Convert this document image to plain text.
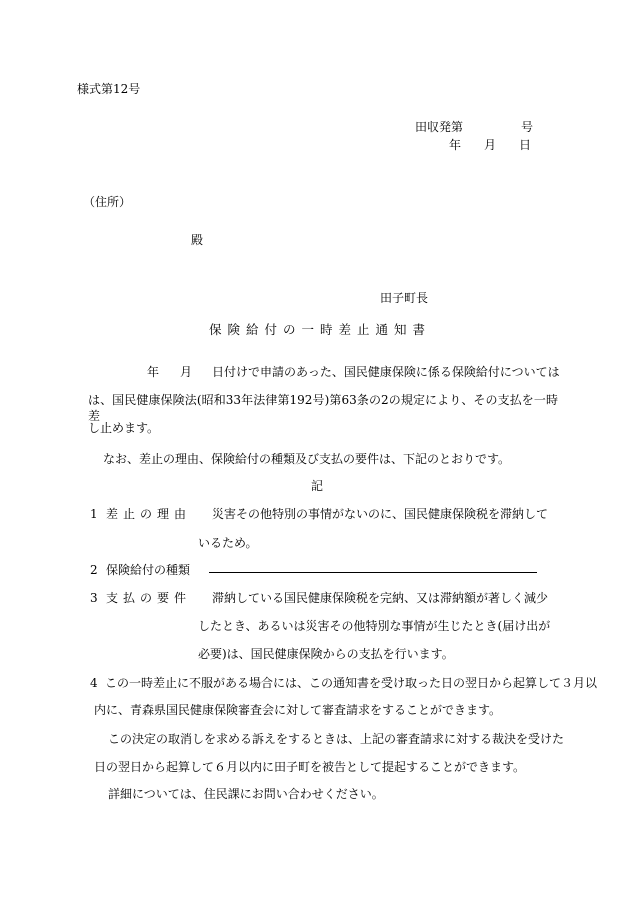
様式第12号
田収発第	号
年 月 日
（住所）
殿
田子町長
保険給付の一時差止通知書
年 月 日付けで申請のあった、国民健康保険に係る保険給付については
は、国民健康保険法(昭和33年法律第192号)第63条の2の規定により、その支払を一時差
し止めます。
なお、差止の理由、保険給付の種類及び支払の要件は、下記のとおりです。
記
1 差止の理由 災害その他特別の事情がないのに、国民健康保険税を滞納して
いるため。
2 保険給付の種類
3 支払の要件 滞納している国民健康保険税を完納、又は滞納額が著しく減少
したとき、あるいは災害その他特別な事情が生じたとき(届け出が
必要)は、国民健康保険からの支払を行います。
4 この一時差止に不服がある場合には、この通知書を受け取った日の翌日から起算して３月以
内に、青森県国民健康保険審査会に対して審査請求をすることができます。
この決定の取消しを求める訴えをするときは、上記の審査請求に対する裁決を受けた
日の翌日から起算して６月以内に田子町を被告として提起することができます。
詳細については、住民課にお問い合わせください。
